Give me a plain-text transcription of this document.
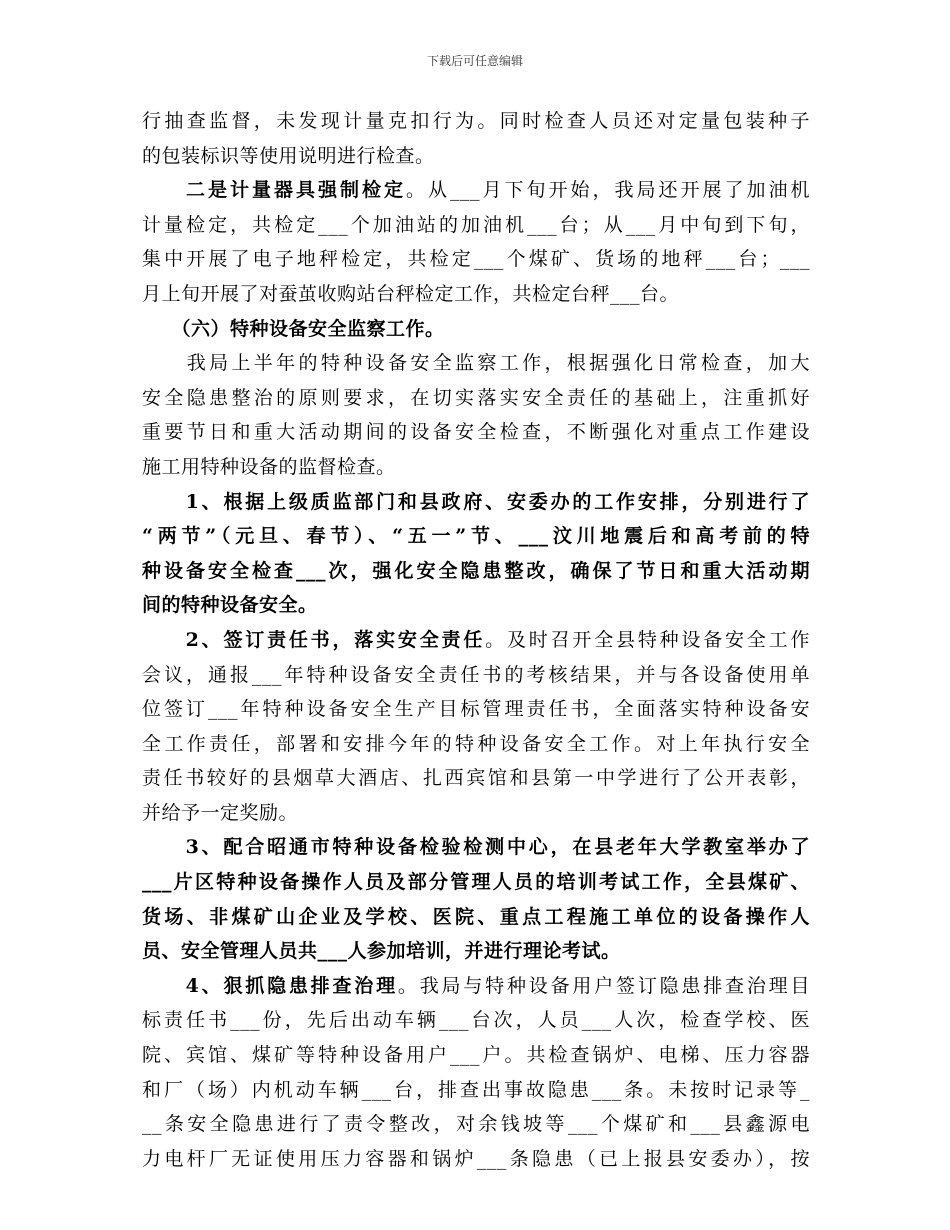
下载后可任意编辑
行抽查监督，未发现计量克扣行为。同时检查人员还对定量包装种子
的包装标识等使用说明进行检查。
　　二是计量器具强制检定。从___月下旬开始，我局还开展了加油机
计量检定，共检定___个加油站的加油机___台；从___月中旬到下旬，
集中开展了电子地秤检定，共检定___个煤矿、货场的地秤___台；___
月上旬开展了对蚕茧收购站台秤检定工作，共检定台秤___台。
　　（六）特种设备安全监察工作。
　　我局上半年的特种设备安全监察工作，根据强化日常检查，加大
安全隐患整治的原则要求，在切实落实安全责任的基础上，注重抓好
重要节日和重大活动期间的设备安全检查，不断强化对重点工作建设
施工用特种设备的监督检查。
　　1、根据上级质监部门和县政府、安委办的工作安排，分别进行了
“两节”（元旦、春节）、“五一”节、___汶川地震后和高考前的特
种设备安全检查___次，强化安全隐患整改，确保了节日和重大活动期
间的特种设备安全。
　　2、签订责任书，落实安全责任。及时召开全县特种设备安全工作
会议，通报___年特种设备安全责任书的考核结果，并与各设备使用单
位签订___年特种设备安全生产目标管理责任书，全面落实特种设备安
全工作责任，部署和安排今年的特种设备安全工作。对上年执行安全
责任书较好的县烟草大酒店、扎西宾馆和县第一中学进行了公开表彰，
并给予一定奖励。
　　3、配合昭通市特种设备检验检测中心，在县老年大学教室举办了
___片区特种设备操作人员及部分管理人员的培训考试工作，全县煤矿、
货场、非煤矿山企业及学校、医院、重点工程施工单位的设备操作人
员、安全管理人员共___人参加培训，并进行理论考试。
　　4、狠抓隐患排查治理。我局与特种设备用户签订隐患排查治理目
标责任书___份，先后出动车辆___台次，人员___人次，检查学校、医
院、宾馆、煤矿等特种设备用户___户。共检查锅炉、电梯、压力容器
和厂（场）内机动车辆___台，排查出事故隐患___条。未按时记录等_
__条安全隐患进行了责令整改，对余钱坡等___个煤矿和___县鑫源电
力电杆厂无证使用压力容器和锅炉___条隐患（已上报县安委办），按
